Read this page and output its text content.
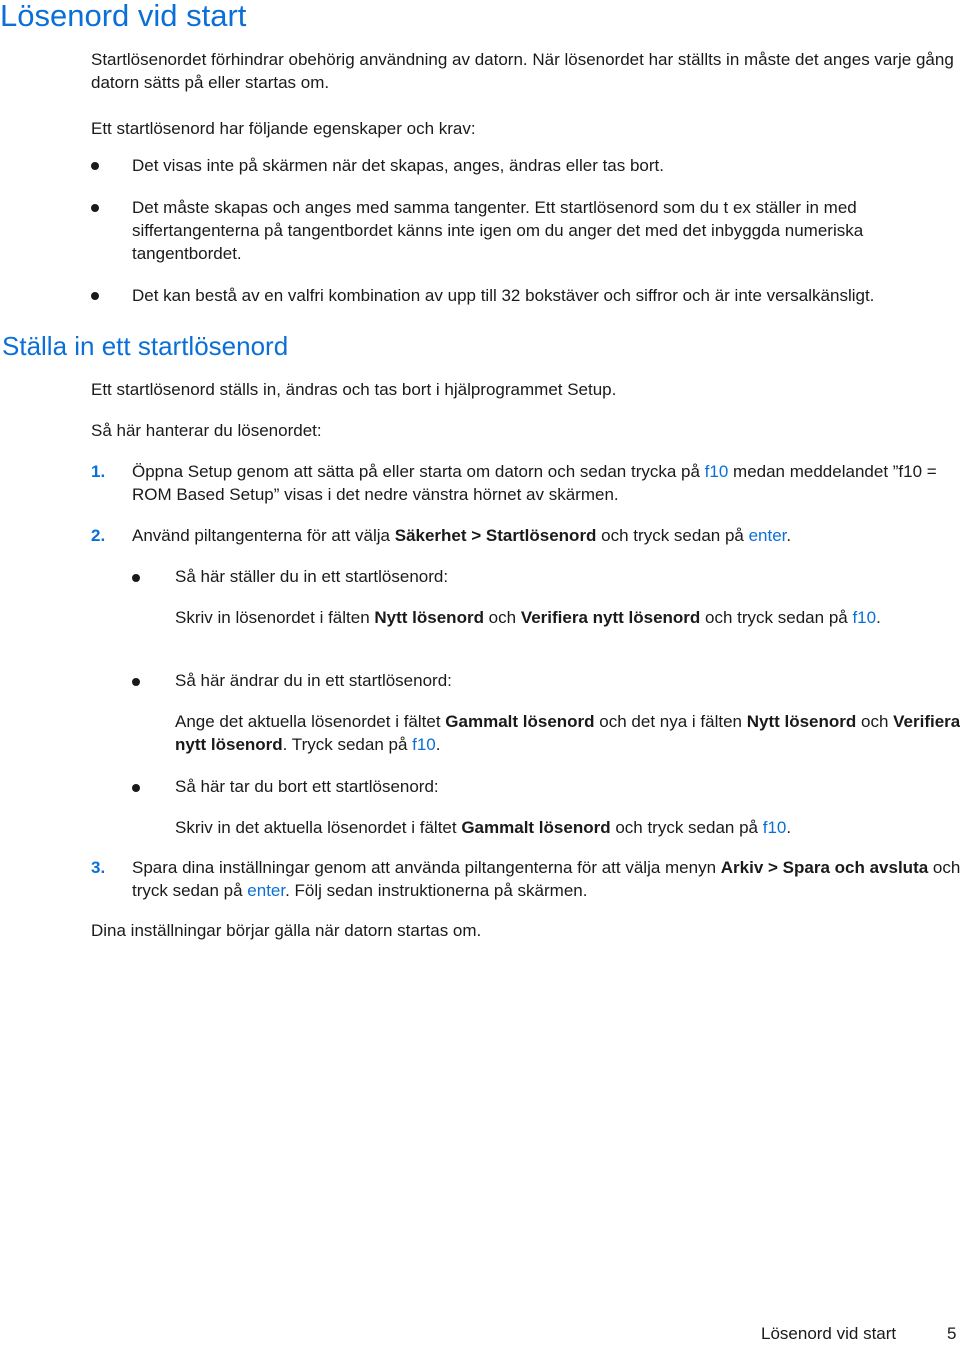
Lösenord vid start
Startlösenordet förhindrar obehörig användning av datorn. När lösenordet har ställts in måste det anges varje gång datorn sätts på eller startas om.
Ett startlösenord har följande egenskaper och krav:
Det visas inte på skärmen när det skapas, anges, ändras eller tas bort.
Det måste skapas och anges med samma tangenter. Ett startlösenord som du t ex ställer in med siffertangenterna på tangentbordet känns inte igen om du anger det med det inbyggda numeriska tangentbordet.
Det kan bestå av en valfri kombination av upp till 32 bokstäver och siffror och är inte versalkänsligt.
Ställa in ett startlösenord
Ett startlösenord ställs in, ändras och tas bort i hjälprogrammet Setup.
Så här hanterar du lösenordet:
1. Öppna Setup genom att sätta på eller starta om datorn och sedan trycka på f10 medan meddelandet ”f10 = ROM Based Setup” visas i det nedre vänstra hörnet av skärmen.
2. Använd piltangenterna för att välja Säkerhet > Startlösenord och tryck sedan på enter.
Så här ställer du in ett startlösenord:
Skriv in lösenordet i fälten Nytt lösenord och Verifiera nytt lösenord och tryck sedan på f10.
Så här ändrar du in ett startlösenord:
Ange det aktuella lösenordet i fältet Gammalt lösenord och det nya i fälten Nytt lösenord och Verifiera nytt lösenord. Tryck sedan på f10.
Så här tar du bort ett startlösenord:
Skriv in det aktuella lösenordet i fältet Gammalt lösenord och tryck sedan på f10.
3. Spara dina inställningar genom att använda piltangenterna för att välja menyn Arkiv > Spara och avsluta och tryck sedan på enter. Följ sedan instruktionerna på skärmen.
Dina inställningar börjar gälla när datorn startas om.
Lösenord vid start	5
